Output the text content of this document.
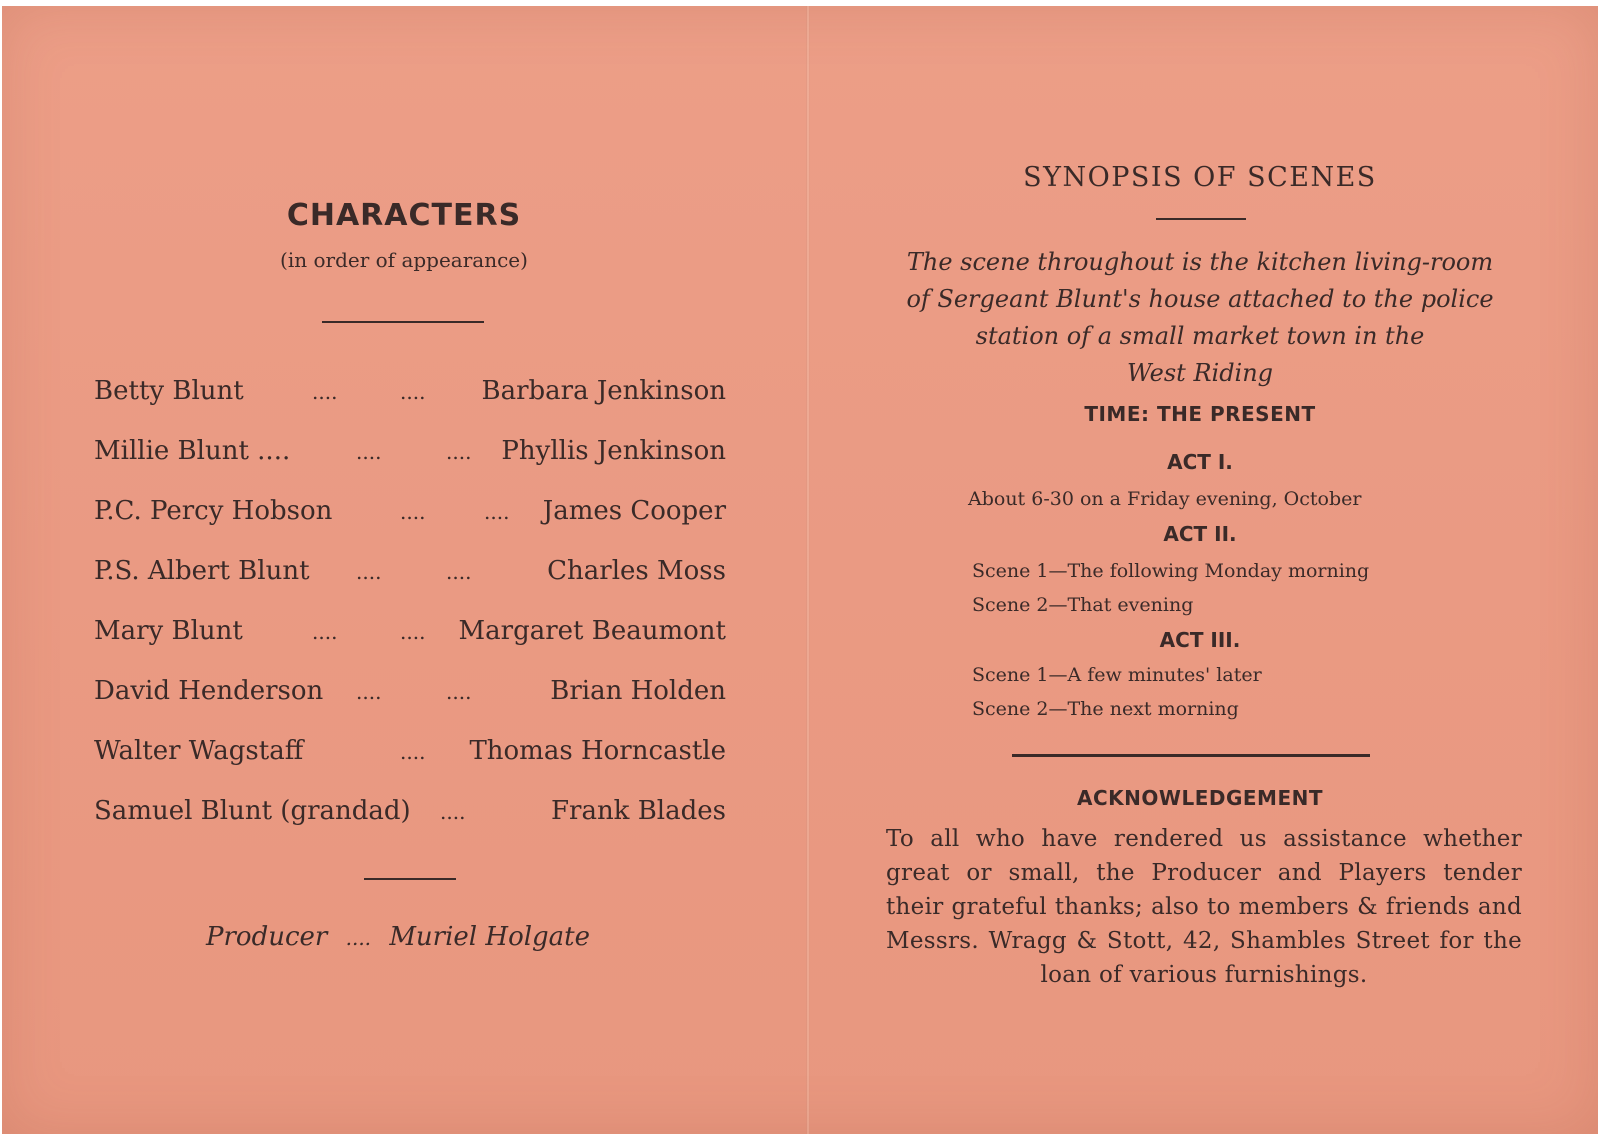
CHARACTERS
(in order of appearance)
Betty Blunt	....	.... Barbara Jenkinson
Millie Blunt ....	....	.... Phyllis Jenkinson
P.C. Percy Hobson	....	.... James Cooper
P.S. Albert Blunt ....	....	Charles Moss
Mary Blunt	....	.... Margaret Beaumont
David Henderson ....	....	Brian Holden
Walter Wagstaff	.... Thomas Horncastle
Samuel Blunt (grandad) ....	Frank Blades
Producer .... Muriel Holgate
SYNOPSIS OF SCENES
The scene throughout is the kitchen living-room
of Sergeant Blunt's house attached to the police
station of a small market town in the
West Riding
TIME: THE PRESENT
ACT I.
About 6-30 on a Friday evening, October
ACT II.
Scene 1—The following Monday morning
Scene 2—That evening
ACT III.
Scene 1—A few minutes' later
Scene 2—The next morning
ACKNOWLEDGEMENT
To all who have rendered us assistance whether great or small, the Producer and Players tender their grateful thanks; also to members & friends and Messrs. Wragg & Stott, 42, Shambles Street for the loan of various furnishings.
